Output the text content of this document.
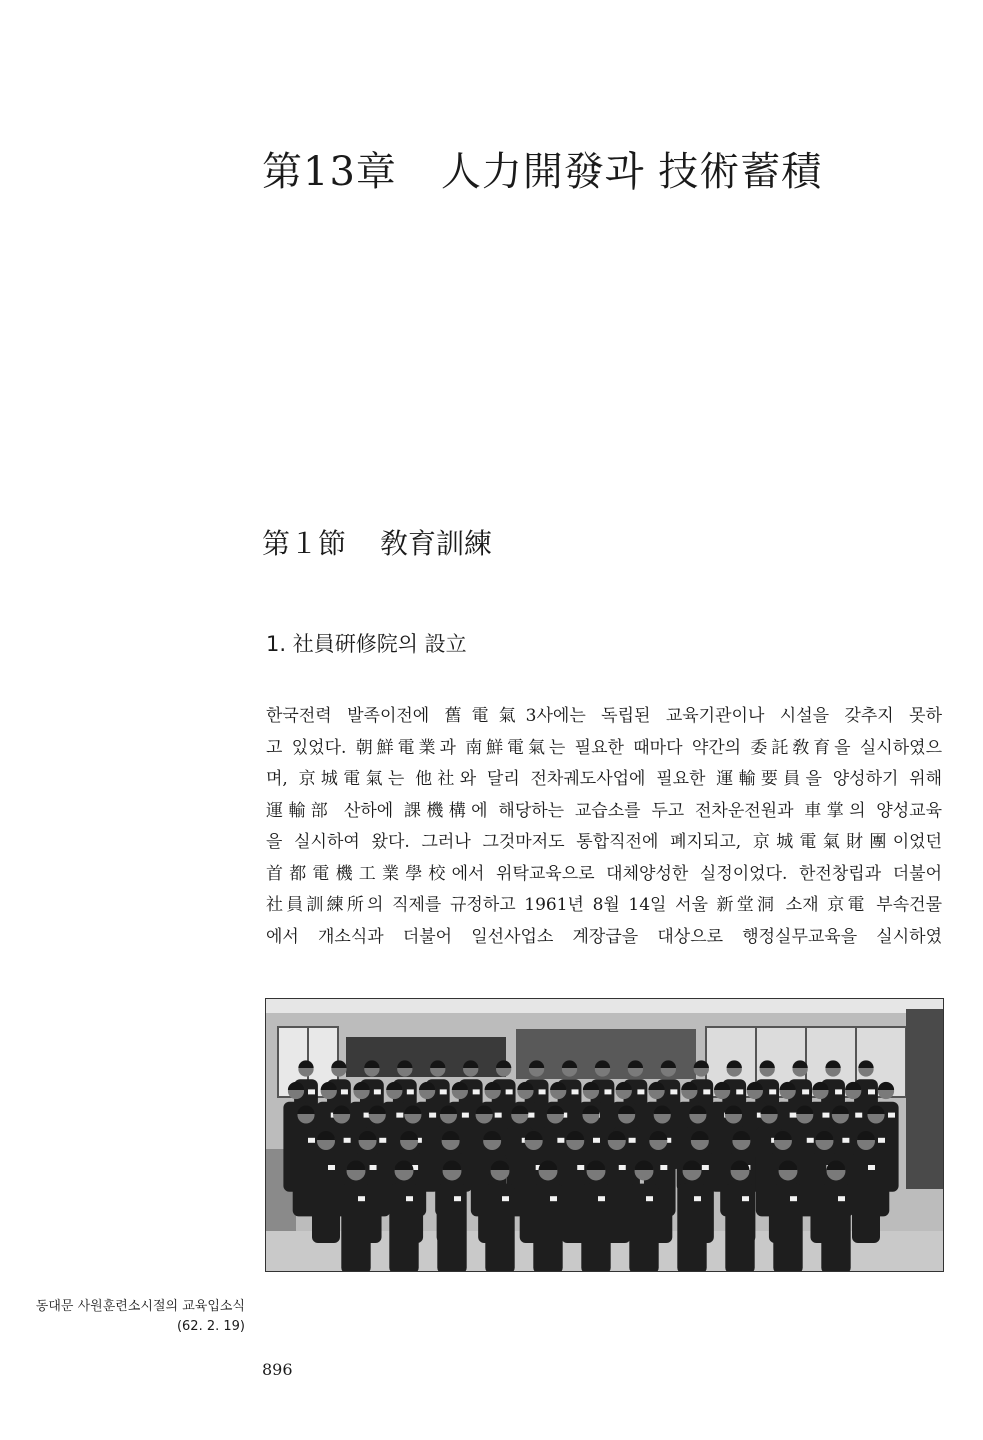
第13章 人力開發과 技術蓄積
第１節 敎育訓練
1. 社員硏修院의 設立
한국전력 발족이전에 舊電氣3사에는 독립된 교육기관이나 시설을 갖추지 못하
고 있었다. 朝鮮電業과 南鮮電氣는 필요한 때마다 약간의 委託敎育을 실시하였으
며, 京城電氣는 他社와 달리 전차궤도사업에 필요한 運輸要員을 양성하기 위해
運輸部 산하에 課機構에 해당하는 교습소를 두고 전차운전원과 車掌의 양성교육
을 실시하여 왔다. 그러나 그것마저도 통합직전에 폐지되고, 京城電氣財團이었던
首都電機工業學校에서 위탁교육으로 대체양성한 실정이었다. 한전창립과 더불어
社員訓練所의 직제를 규정하고 1961년 8월 14일 서울 新堂洞 소재 京電 부속건물
에서 개소식과 더불어 일선사업소 계장급을 대상으로 행정실무교육을 실시하였
동대문 사원훈련소시절의 교육입소식
(62. 2. 19)

896
